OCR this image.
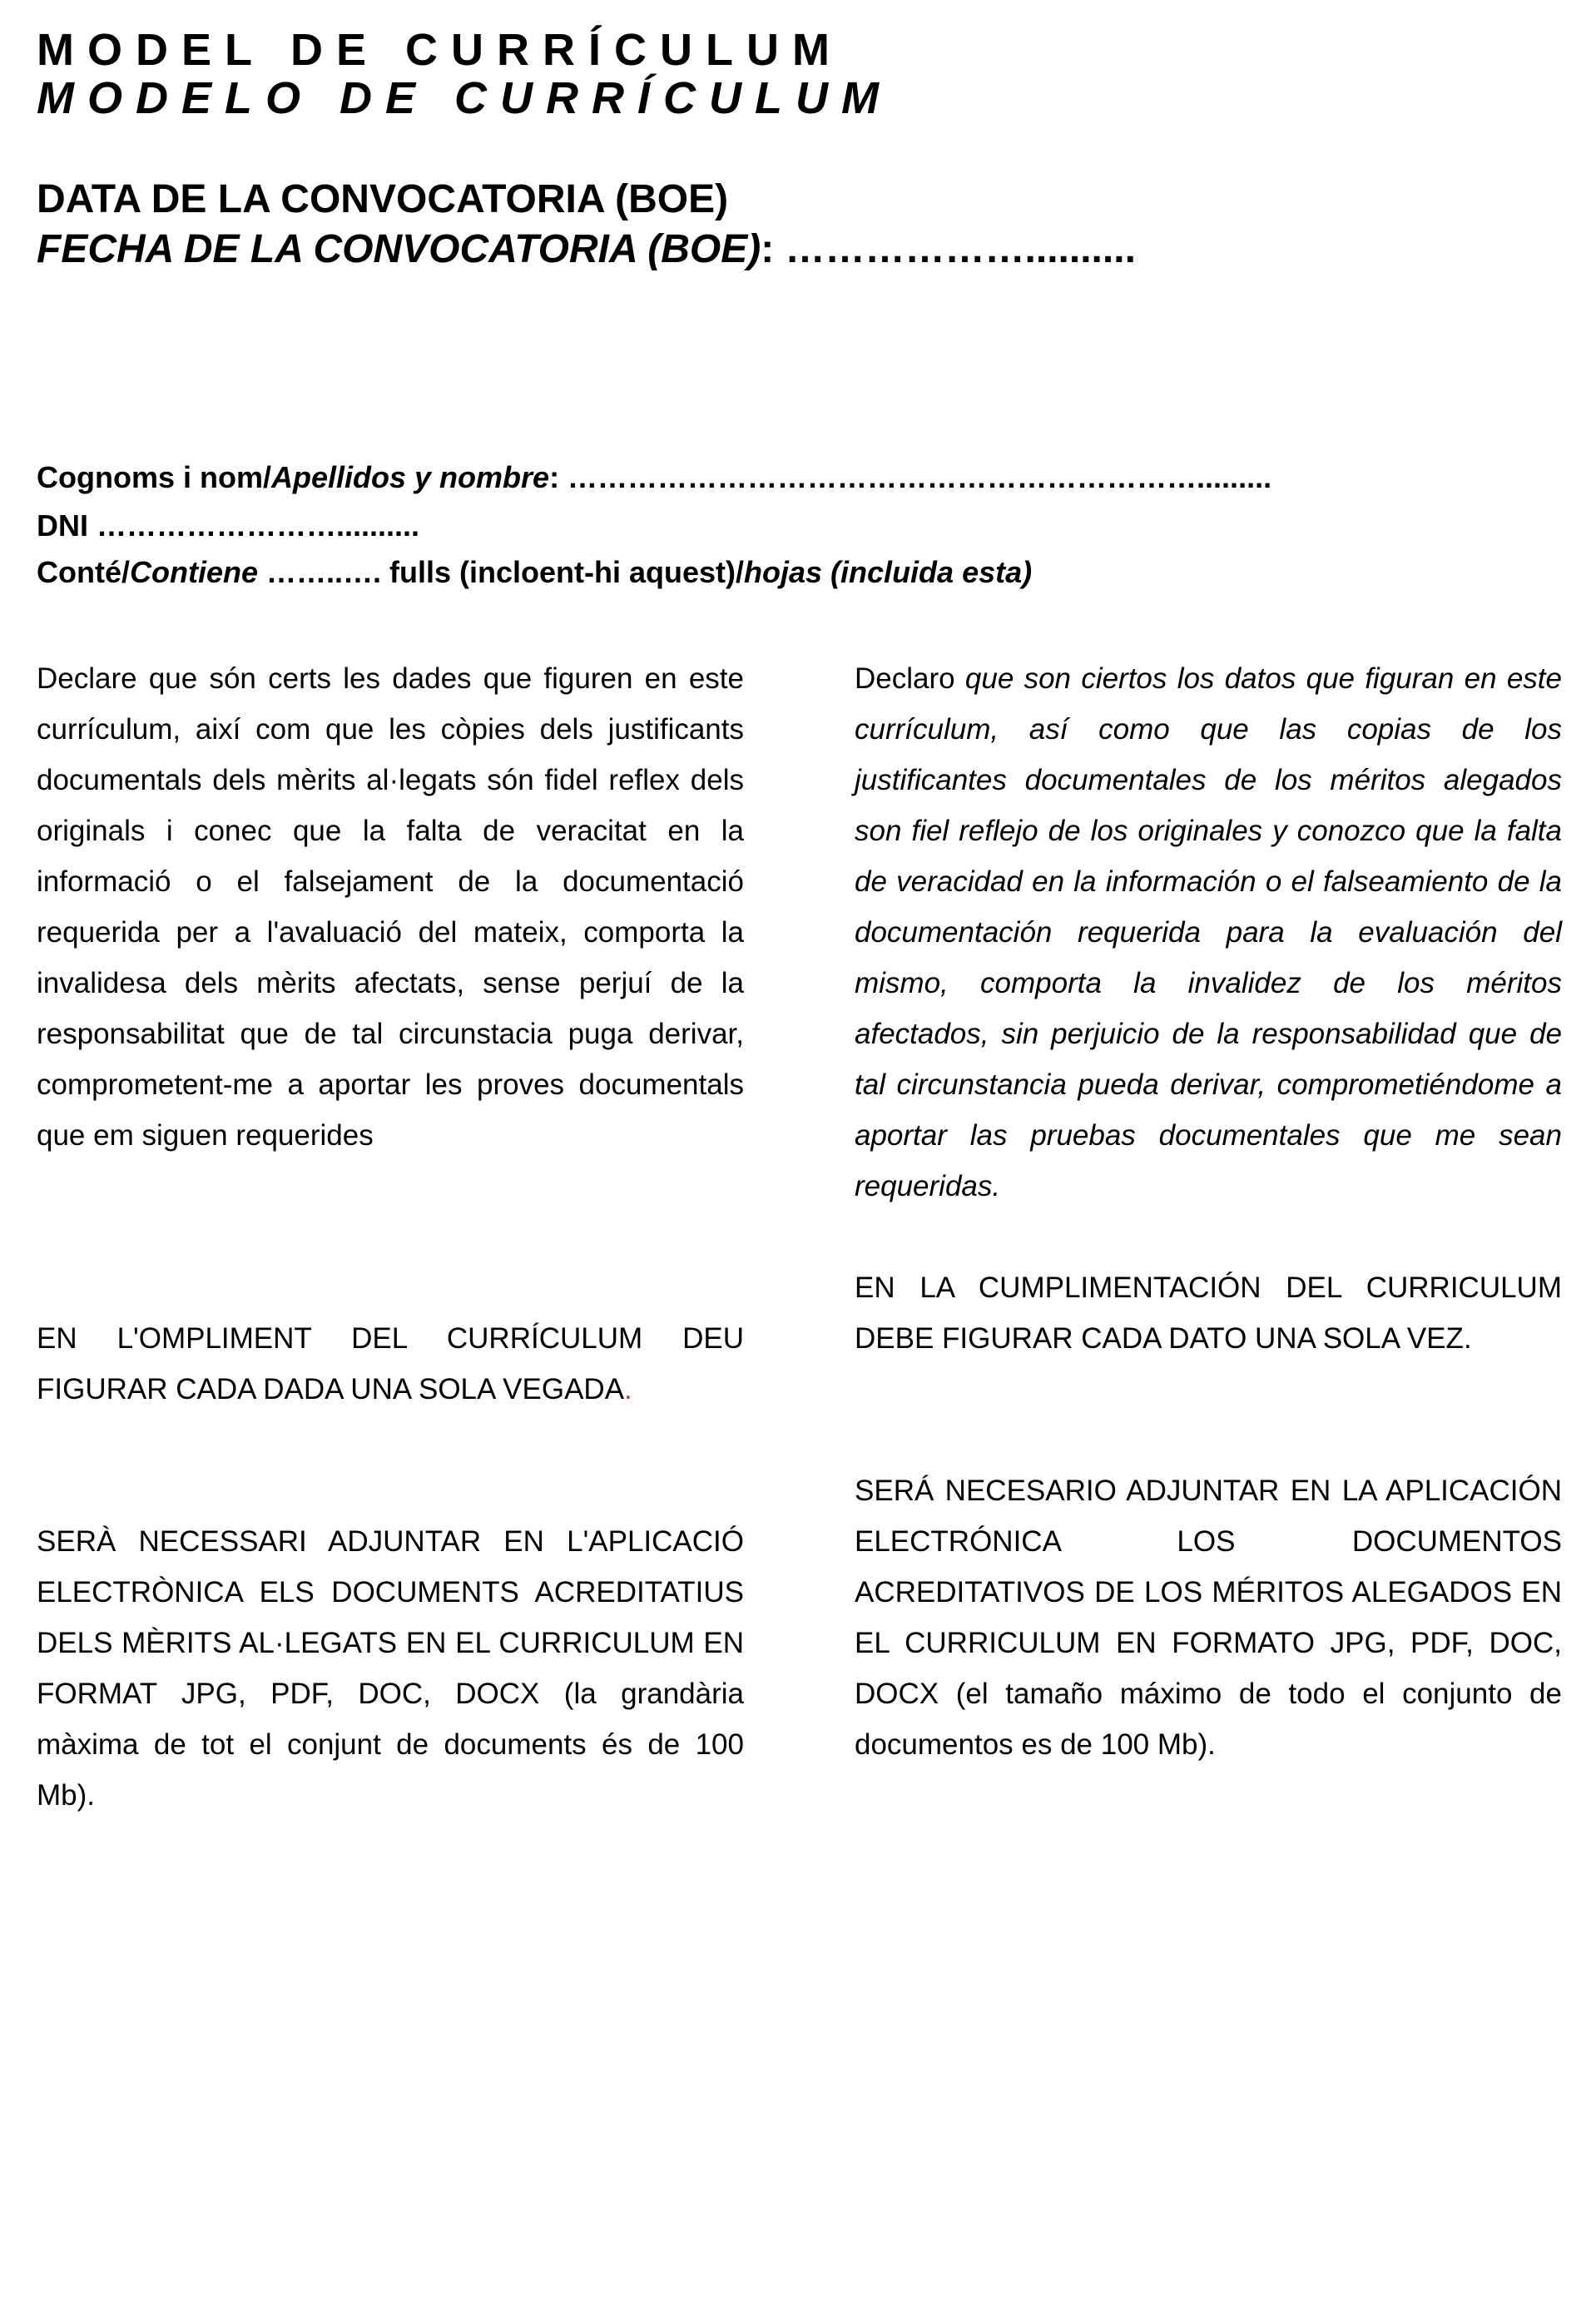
MODEL DE CURRÍCULUM
MODELO DE CURRÍCULUM
DATA DE LA CONVOCATORIA (BOE)
FECHA DE LA CONVOCATORIA (BOE): ………………..........
Cognoms i nom/Apellidos y nombre: ……………………………………………………….........
DNI ……………………..........
Conté/Contiene ……..…. fulls (incloent-hi aquest)/hojas (incluida esta)

Declare que són certs les dades que figuren en este currículum, així com que les còpies dels justificants documentals dels mèrits al·legats són fidel reflex dels originals i conec que la falta de veracitat en la informació o el falsejament de la documentació requerida per a l'avaluació del mateix, comporta la invalidesa dels mèrits afectats, sense perjuí de la responsabilitat que de tal circunstacia puga derivar, comprometent-me a aportar les proves documentals que em siguen requerides

Declaro que son ciertos los datos que figuran en este currículum, así como que las copias de los justificantes documentales de los méritos alegados son fiel reflejo de los originales y conozco que la falta de veracidad en la información o el falseamiento de la documentación requerida para la evaluación del mismo, comporta la invalidez de los méritos afectados, sin perjuicio de la responsabilidad que de tal circunstancia pueda derivar, comprometiéndome a aportar las pruebas documentales que me sean requeridas.

EN L'OMPLIMENT DEL CURRÍCULUM DEU FIGURAR CADA DADA UNA SOLA VEGADA.

EN LA CUMPLIMENTACIÓN DEL CURRICULUM DEBE FIGURAR CADA DATO UNA SOLA VEZ.

SERÀ NECESSARI ADJUNTAR EN L'APLICACIÓ ELECTRÒNICA ELS DOCUMENTS ACREDITATIUS DELS MÈRITS AL·LEGATS EN EL CURRICULUM EN FORMAT JPG, PDF, DOC, DOCX (la grandària màxima de tot el conjunt de documents és de 100 Mb).

SERÁ NECESARIO ADJUNTAR EN LA APLICACIÓN ELECTRÓNICA LOS DOCUMENTOS ACREDITATIVOS DE LOS MÉRITOS ALEGADOS EN EL CURRICULUM EN FORMATO JPG, PDF, DOC, DOCX (el tamaño máximo de todo el conjunto de documentos es de 100 Mb).
